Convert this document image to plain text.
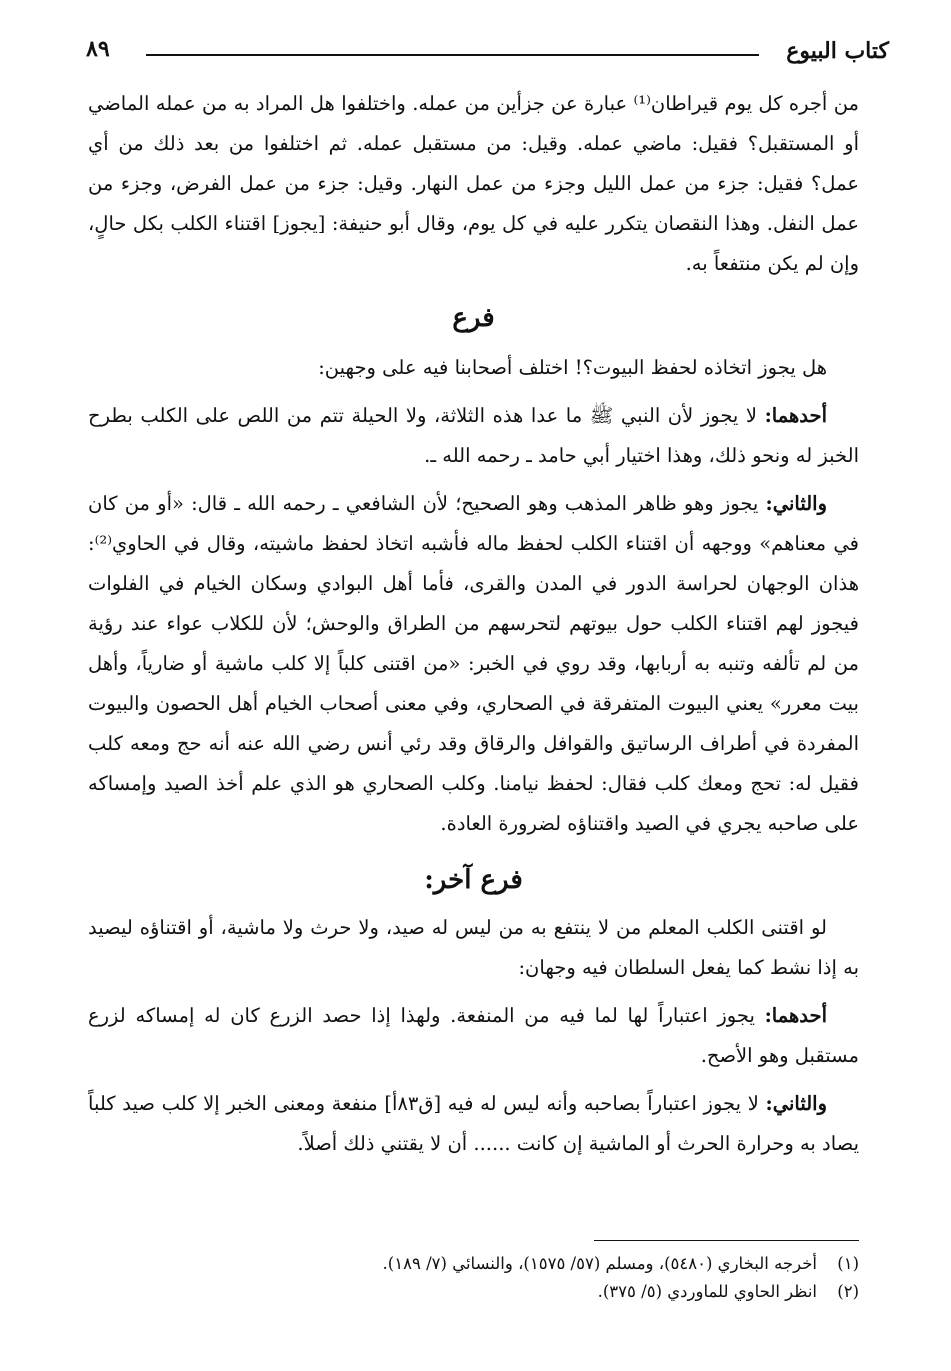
كتاب البيوع
٨٩

من أجره كل يوم قيراطان⁽¹⁾ عبارة عن جزأين من عمله. واختلفوا هل المراد به من عمله الماضي أو المستقبل؟ فقيل: ماضي عمله. وقيل: من مستقبل عمله. ثم اختلفوا من بعد ذلك من أي عمل؟ فقيل: جزء من عمل الليل وجزء من عمل النهار. وقيل: جزء من عمل الفرض، وجزء من عمل النفل. وهذا النقصان يتكرر عليه في كل يوم، وقال أبو حنيفة: [يجوز] اقتناء الكلب بكل حالٍ، وإن لم يكن منتفعاً به.

فرع

هل يجوز اتخاذه لحفظ البيوت؟! اختلف أصحابنا فيه على وجهين:

أحدهما: لا يجوز لأن النبي ﷺ ما عدا هذه الثلاثة، ولا الحيلة تتم من اللص على الكلب بطرح الخبز له ونحو ذلك، وهذا اختيار أبي حامد ـ رحمه الله ـ.

والثاني: يجوز وهو ظاهر المذهب وهو الصحيح؛ لأن الشافعي ـ رحمه الله ـ قال: «أو من كان في معناهم» ووجهه أن اقتناء الكلب لحفظ ماله فأشبه اتخاذ لحفظ ماشيته، وقال في الحاوي⁽²⁾: هذان الوجهان لحراسة الدور في المدن والقرى، فأما أهل البوادي وسكان الخيام في الفلوات فيجوز لهم اقتناء الكلب حول بيوتهم لتحرسهم من الطراق والوحش؛ لأن للكلاب عواء عند رؤية من لم تألفه وتنبه به أربابها، وقد روي في الخبر: «من اقتنى كلباً إلا كلب ماشية أو ضارياً، وأهل بيت معرر» يعني البيوت المتفرقة في الصحاري، وفي معنى أصحاب الخيام أهل الحصون والبيوت المفردة في أطراف الرساتيق والقوافل والرقاق وقد رئي أنس رضي الله عنه أنه حج ومعه كلب فقيل له: تحج ومعك كلب فقال: لحفظ نيامنا. وكلب الصحاري هو الذي علم أخذ الصيد وإمساكه على صاحبه يجري في الصيد واقتناؤه لضرورة العادة.

فرع آخر:

لو اقتنى الكلب المعلم من لا ينتفع به من ليس له صيد، ولا حرث ولا ماشية، أو اقتناؤه ليصيد به إذا نشط كما يفعل السلطان فيه وجهان:

أحدهما: يجوز اعتباراً لها لما فيه من المنفعة. ولهذا إذا حصد الزرع كان له إمساكه لزرع مستقبل وهو الأصح.

والثاني: لا يجوز اعتباراً بصاحبه وأنه ليس له فيه [ق٨٣أ] منفعة ومعنى الخبر إلا كلب صيد كلباً يصاد به وحرارة الحرث أو الماشية إن كانت ...... أن لا يقتني ذلك أصلاً.

(١)أخرجه البخاري (٥٤٨٠)، ومسلم (٥٧/ ١٥٧٥)، والنسائي (٧/ ١٨٩).
(٢)انظر الحاوي للماوردي (٥/ ٣٧٥).
